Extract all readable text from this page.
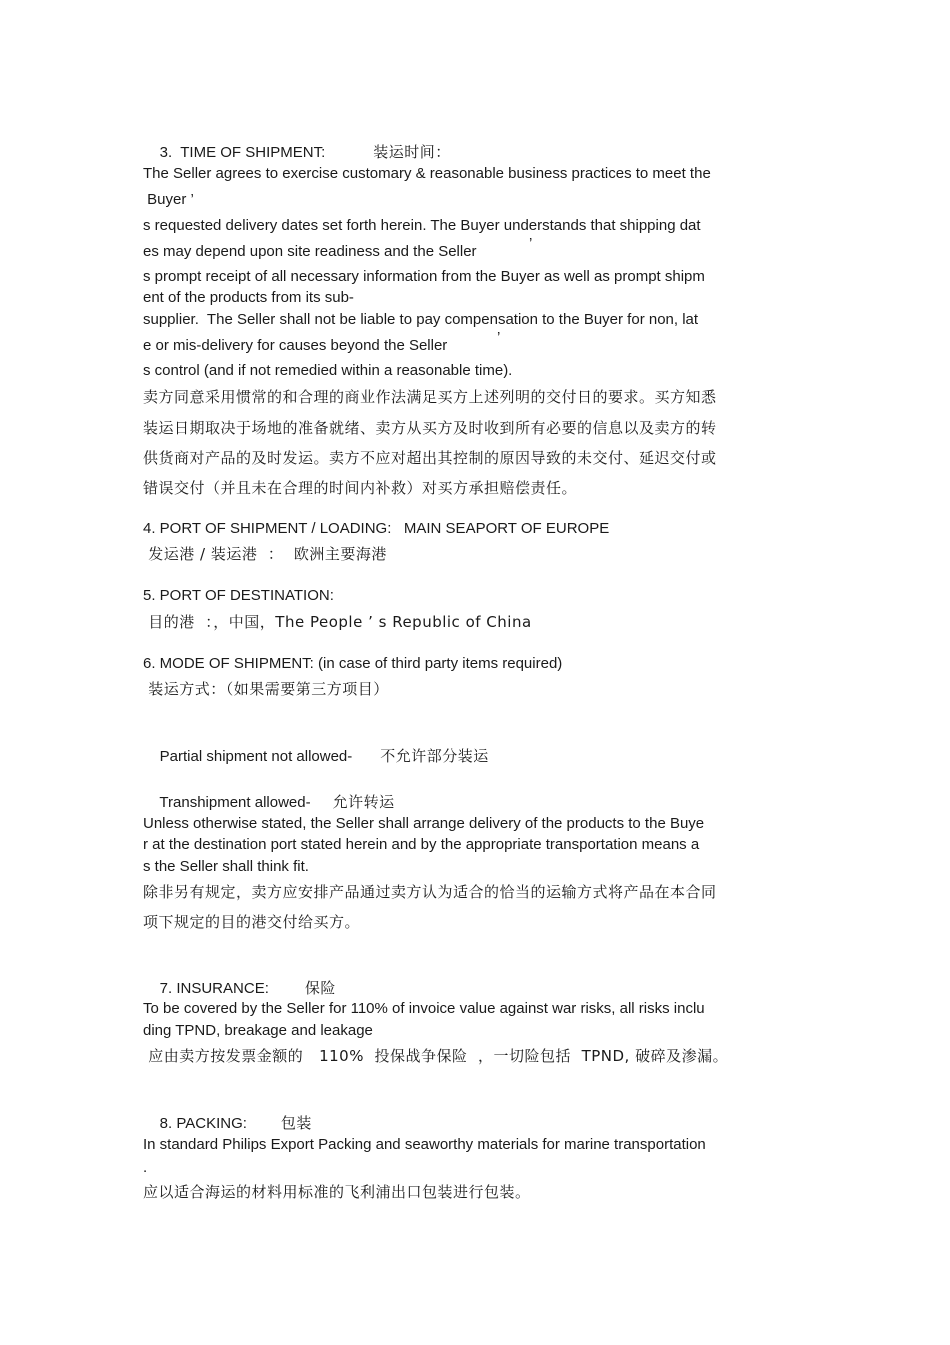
3.  TIME OF SHIPMENT:	装运时间：

The Seller agrees to exercise customary & reasonable business practices to meet the
Buyer ’
s requested delivery dates set forth herein. The Buyer understands that shipping dat
es may depend upon site readiness and the Seller	’
s prompt receipt of all necessary information from the Buyer as well as prompt shipm
ent of the products from its sub-
supplier.  The Seller shall not be liable to pay compensation to the Buyer for non, lat
e or mis-delivery for causes beyond the Seller	’
s control (and if not remedied within a reasonable time).
卖方同意采用惯常的和合理的商业作法满足买方上述列明的交付日的要求。买方知悉
装运日期取决于场地的准备就绪、卖方从买方及时收到所有必要的信息以及卖方的转
供货商对产品的及时发运。卖方不应对超出其控制的原因导致的未交付、延迟交付或
错误交付（并且未在合理的时间内补救）对买方承担赔偿责任。
4. PORT OF SHIPMENT / LOADING:   MAIN SEAPORT OF EUROPE
发运港 / 装运港  ：  欧洲主要海港
5. PORT OF DESTINATION:
目的港  ：，中国，The People ’ s Republic of China
6. MODE OF SHIPMENT: (in case of third party items required)
装运方式：（如果需要第三方项目）

Partial shipment not allowed- 不允许部分装运

Transhipment allowed- 允许转运

Unless otherwise stated, the Seller shall arrange delivery of the products to the Buye
r at the destination port stated herein and by the appropriate transportation means a
s the Seller shall think fit.
除非另有规定，卖方应安排产品通过卖方认为适合的恰当的运输方式将产品在本合同
项下规定的目的港交付给买方。

7. INSURANCE: 保险

To be covered by the Seller for 110% of invoice value against war risks, all risks inclu
ding TPND, breakage and leakage
应由卖方按发票金额的   110%  投保战争保险  ，一切险包括  TPND, 破碎及渗漏。

8. PACKING: 包装

In standard Philips Export Packing and seaworthy materials for marine transportation
.
应以适合海运的材料用标准的飞利浦出口包装进行包装。
